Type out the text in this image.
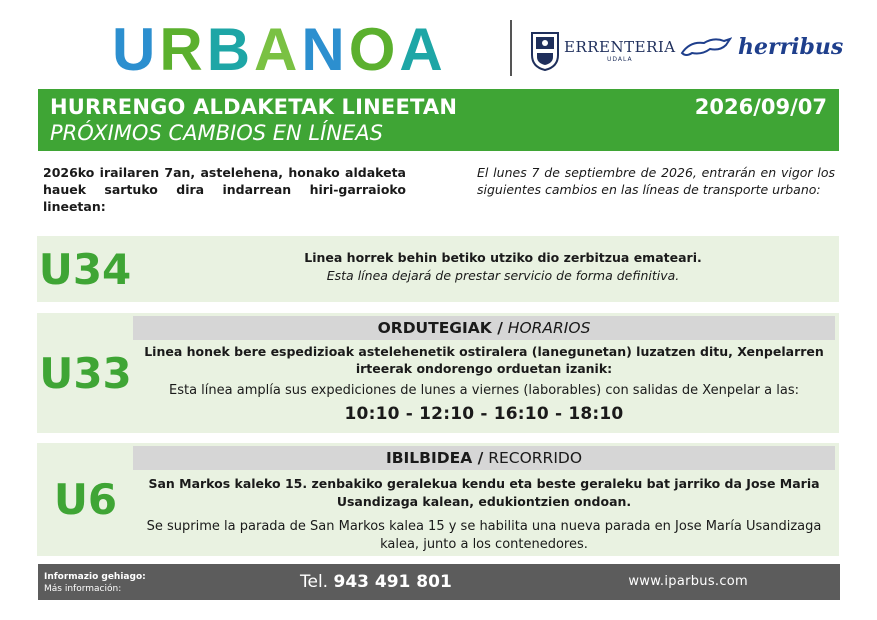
U R B A N O A	ERRENTERIA
UDALA	herribus
HURRENGO ALDAKETAK LINEETAN
PRÓXIMOS CAMBIOS EN LÍNEAS
2026/09/07
2026ko irailaren 7an, astelehena, honako aldaketa hauek sartuko dira indarrean hiri-garraioko lineetan:
El lunes 7 de septiembre de 2026, entrarán en vigor los siguientes cambios en las líneas de transporte urbano:
U34	Linea horrek behin betiko utziko dio zerbitzua emateari.
Esta línea dejará de prestar servicio de forma definitiva.
U33
ORDUTEGIAK / HORARIOS
Linea honek bere espedizioak astelehenetik ostiralera (lanegunetan) luzatzen ditu, Xenpelarren irteerak ondorengo orduetan izanik:
Esta línea amplía sus expediciones de lunes a viernes (laborables) con salidas de Xenpelar a las:
10:10 - 12:10 - 16:10 - 18:10
U6
IBILBIDEA / RECORRIDO
San Markos kaleko 15. zenbakiko geralekua kendu eta beste geraleku bat jarriko da Jose Maria Usandizaga kalean, edukiontzien ondoan.
Se suprime la parada de San Markos kalea 15 y se habilita una nueva parada en Jose María Usandizaga kalea, junto a los contenedores.
Informazio gehiago:
Más información:	Tel. 943 491 801	www.iparbus.com
